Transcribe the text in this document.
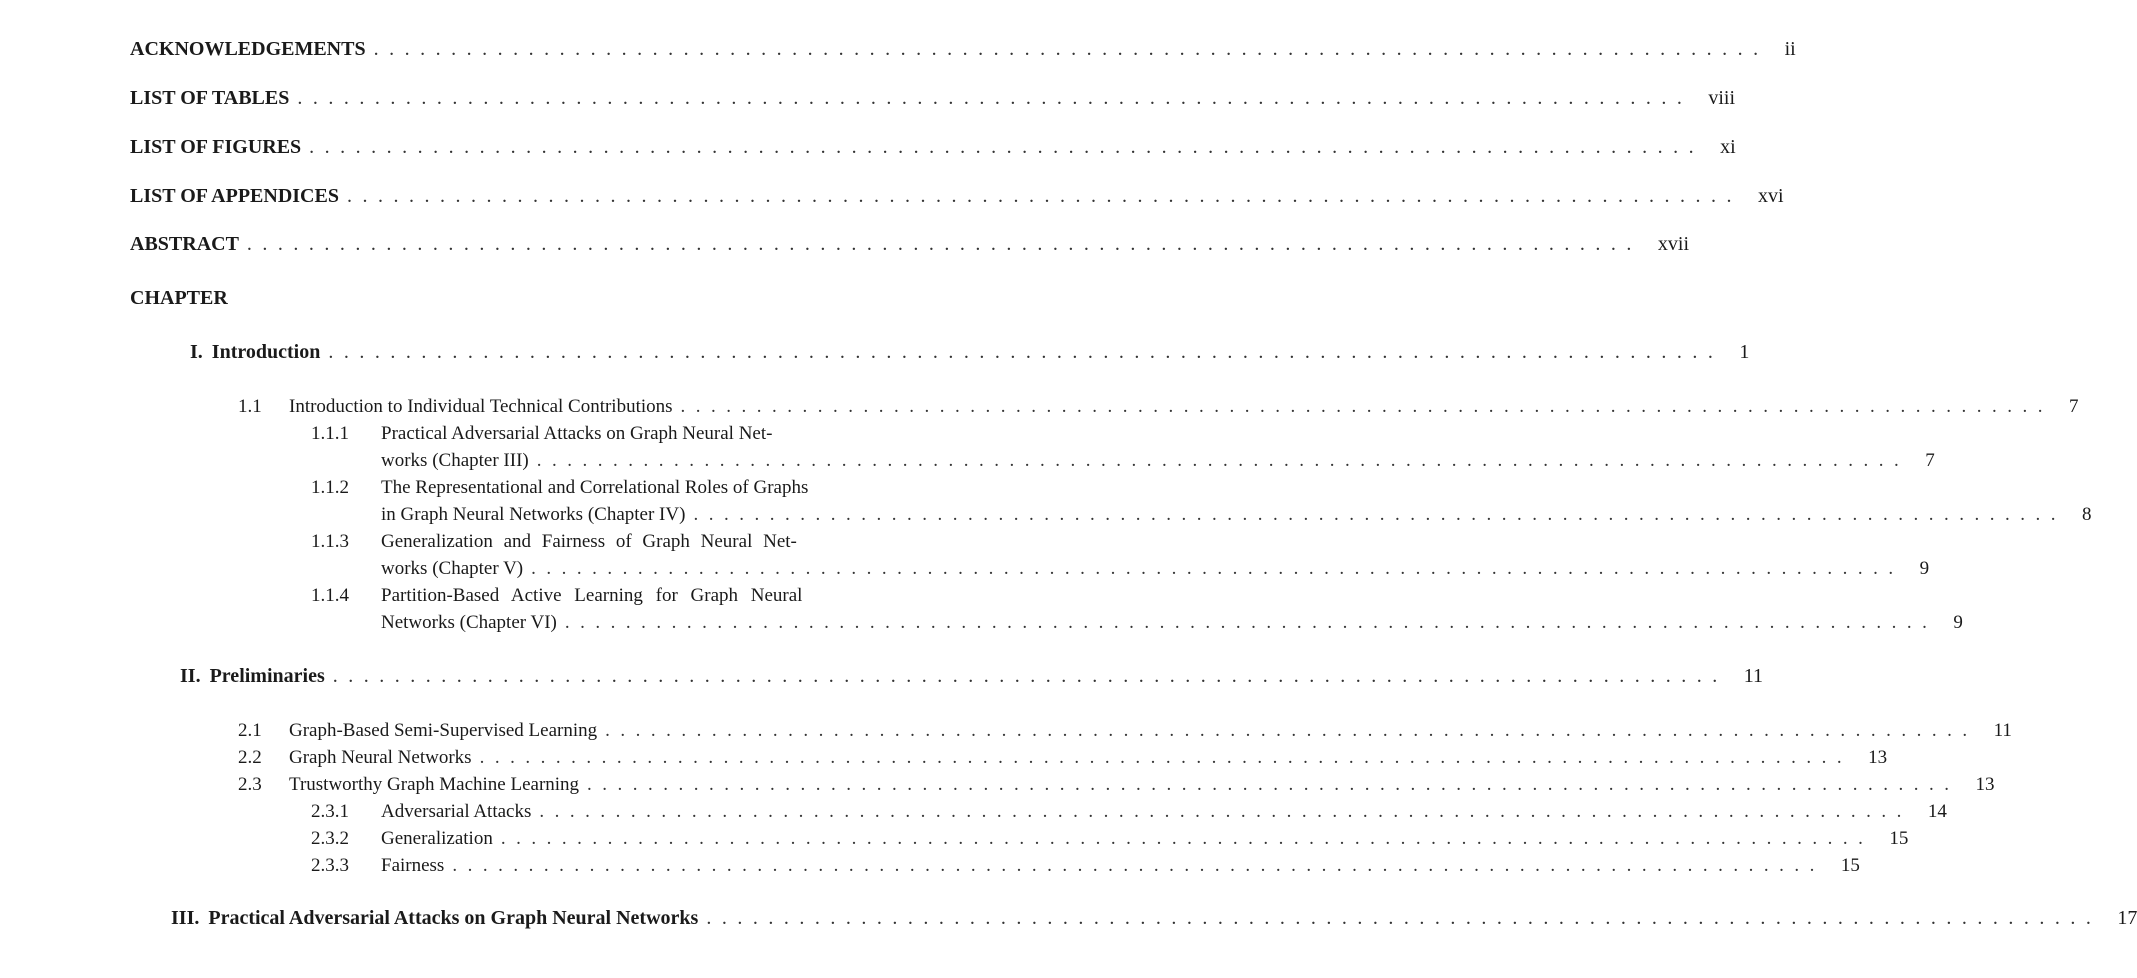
ACKNOWLEDGEMENTS .......................................................................................... ii
LIST OF TABLES .......................................................................................... viii
LIST OF FIGURES .......................................................................................... xi
LIST OF APPENDICES .......................................................................................... xvi
ABSTRACT .......................................................................................... xvii
CHAPTER
I. Introduction .......................................................................................... 1
1.1	Introduction to Individual Technical Contributions .......................................................................................... 7
1.1.1	Practical Adversarial Attacks on Graph Neural Net-
works (Chapter III) .......................................................................................... 7
1.1.2	The Representational and Correlational Roles of Graphs
in Graph Neural Networks (Chapter IV) .......................................................................................... 8
1.1.3	Generalization and Fairness of Graph Neural Net-
works (Chapter V) .......................................................................................... 9
1.1.4	Partition-Based Active Learning for Graph Neural
Networks (Chapter VI) .......................................................................................... 9
II. Preliminaries .......................................................................................... 11
2.1	Graph-Based Semi-Supervised Learning .......................................................................................... 11
2.2	Graph Neural Networks .......................................................................................... 13
2.3	Trustworthy Graph Machine Learning .......................................................................................... 13
2.3.1	Adversarial Attacks .......................................................................................... 14
2.3.2	Generalization .......................................................................................... 15
2.3.3	Fairness .......................................................................................... 15
III. Practical Adversarial Attacks on Graph Neural Networks .......................................................................................... 17
